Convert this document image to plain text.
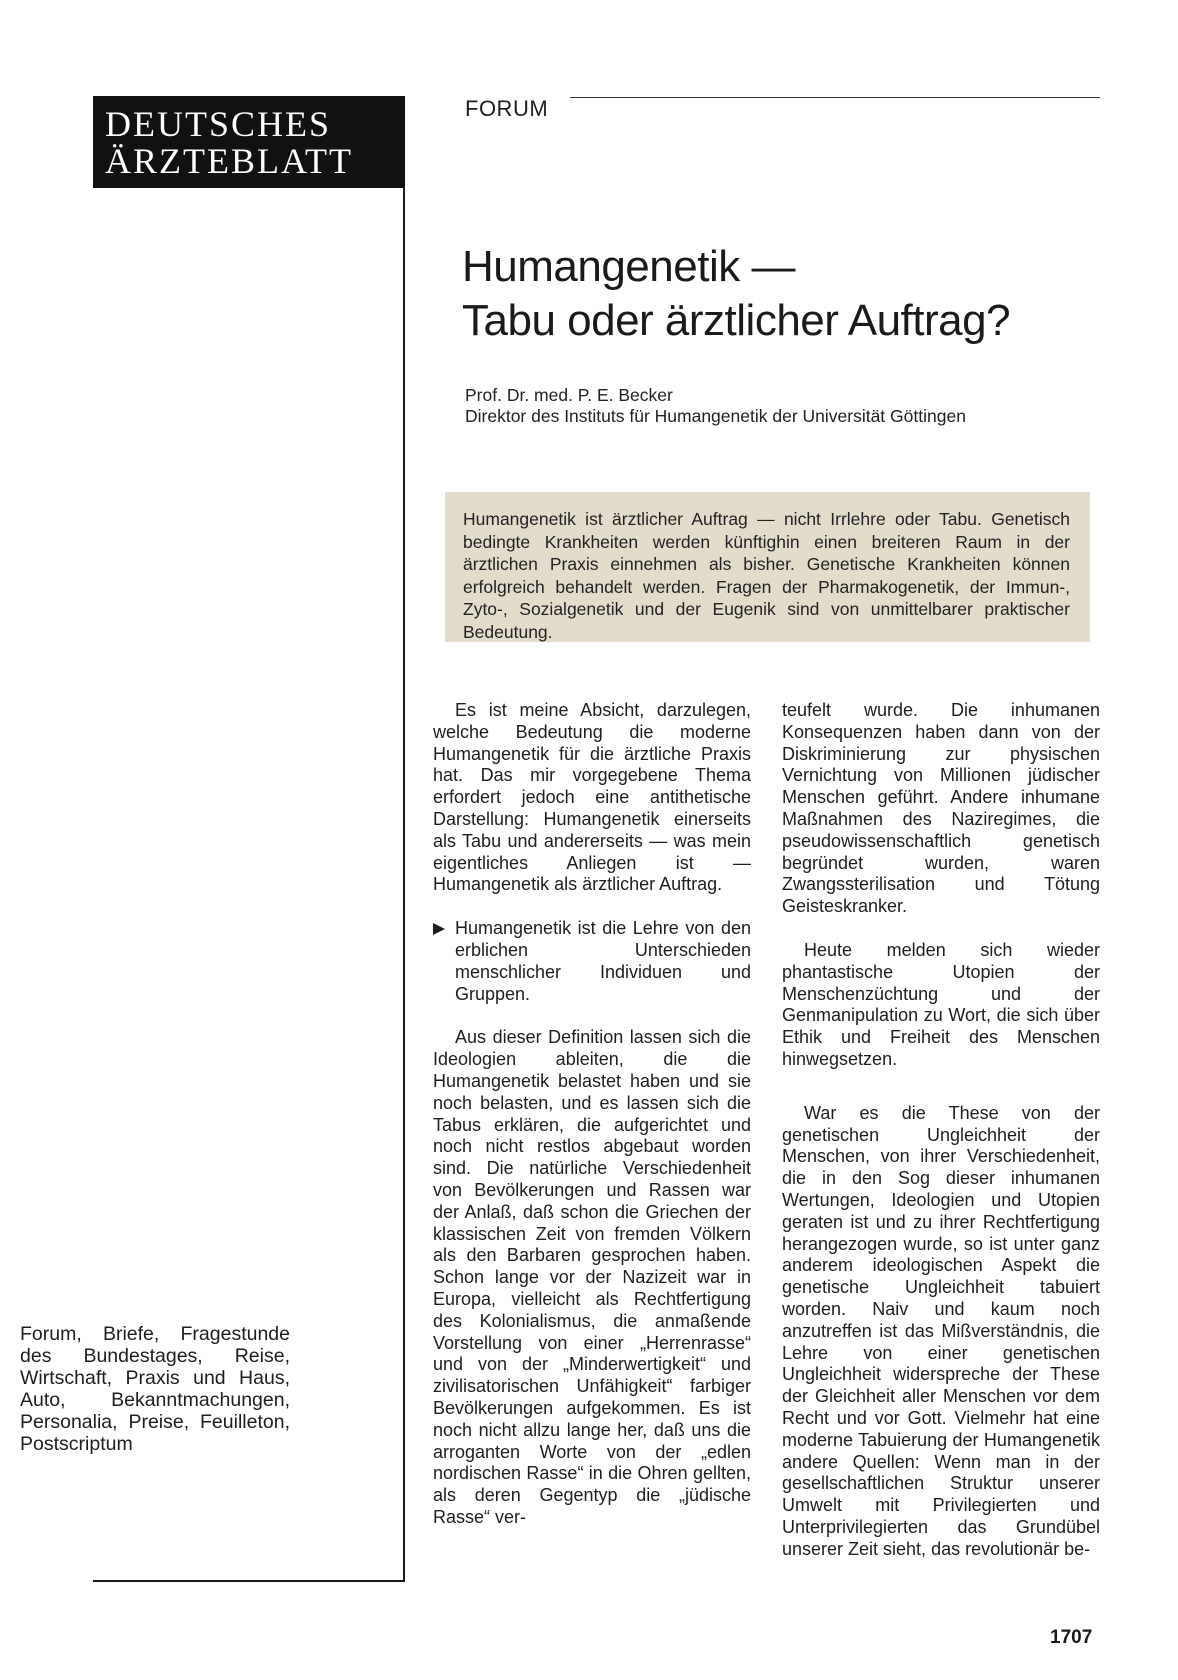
DEUTSCHES
ÄRZTEBLATT
Forum, Briefe, Fragestunde des Bundestages, Reise, Wirtschaft, Praxis und Haus, Auto, Bekanntmachungen, Personalia, Preise, Feuilleton, Postscriptum
FORUM
Humangenetik —
Tabu oder ärztlicher Auftrag?
Prof. Dr. med. P. E. Becker
Direktor des Instituts für Humangenetik der Universität Göttingen

Humangenetik ist ärztlicher Auftrag — nicht Irrlehre oder Tabu. Genetisch bedingte Krankheiten werden künftighin einen breiteren Raum in der ärztlichen Praxis einnehmen als bisher. Genetische Krankheiten können erfolgreich behandelt werden. Fragen der Pharmakogenetik, der Immun-, Zyto-, Sozialgenetik und der Eugenik sind von unmittelbarer praktischer Bedeutung.

Es ist meine Absicht, darzulegen, welche Bedeutung die moderne Humangenetik für die ärztliche Praxis hat. Das mir vorgegebene Thema erfordert jedoch eine antithetische Darstellung: Humangenetik einerseits als Tabu und andererseits — was mein eigentliches Anliegen ist — Humangenetik als ärztlicher Auftrag.

Humangenetik ist die Lehre von den erblichen Unterschieden menschlicher Individuen und Gruppen.

Aus dieser Definition lassen sich die Ideologien ableiten, die die Humangenetik belastet haben und sie noch belasten, und es lassen sich die Tabus erklären, die aufgerichtet und noch nicht restlos abgebaut worden sind. Die natürliche Verschiedenheit von Bevölkerungen und Rassen war der Anlaß, daß schon die Griechen der klassischen Zeit von fremden Völkern als den Barbaren gesprochen haben. Schon lange vor der Nazizeit war in Europa, vielleicht als Rechtfertigung des Kolonialismus, die anmaßende Vorstellung von einer „Herrenrasse“ und von der „Minderwertigkeit“ und zivilisatorischen Unfähigkeit“ farbiger Bevölkerungen aufgekommen. Es ist noch nicht allzu lange her, daß uns die arroganten Worte von der „edlen nordischen Rasse“ in die Ohren gellten, als deren Gegentyp die „jüdische Rasse“ ver-

teufelt wurde. Die inhumanen Konsequenzen haben dann von der Diskriminierung zur physischen Vernichtung von Millionen jüdischer Menschen geführt. Andere inhumane Maßnahmen des Naziregimes, die pseudowissenschaftlich genetisch begründet wurden, waren Zwangssterilisation und Tötung Geisteskranker.

Heute melden sich wieder phantastische Utopien der Menschenzüchtung und der Genmanipulation zu Wort, die sich über Ethik und Freiheit des Menschen hinwegsetzen.

War es die These von der genetischen Ungleichheit der Menschen, von ihrer Verschiedenheit, die in den Sog dieser inhumanen Wertungen, Ideologien und Utopien geraten ist und zu ihrer Rechtfertigung herangezogen wurde, so ist unter ganz anderem ideologischen Aspekt die genetische Ungleichheit tabuiert worden. Naiv und kaum noch anzutreffen ist das Mißverständnis, die Lehre von einer genetischen Ungleichheit widerspreche der These der Gleichheit aller Menschen vor dem Recht und vor Gott. Vielmehr hat eine moderne Tabuierung der Humangenetik andere Quellen: Wenn man in der gesellschaftlichen Struktur unserer Umwelt mit Privilegierten und Unterprivilegierten das Grundübel unserer Zeit sieht, das revolutionär be-

1707
